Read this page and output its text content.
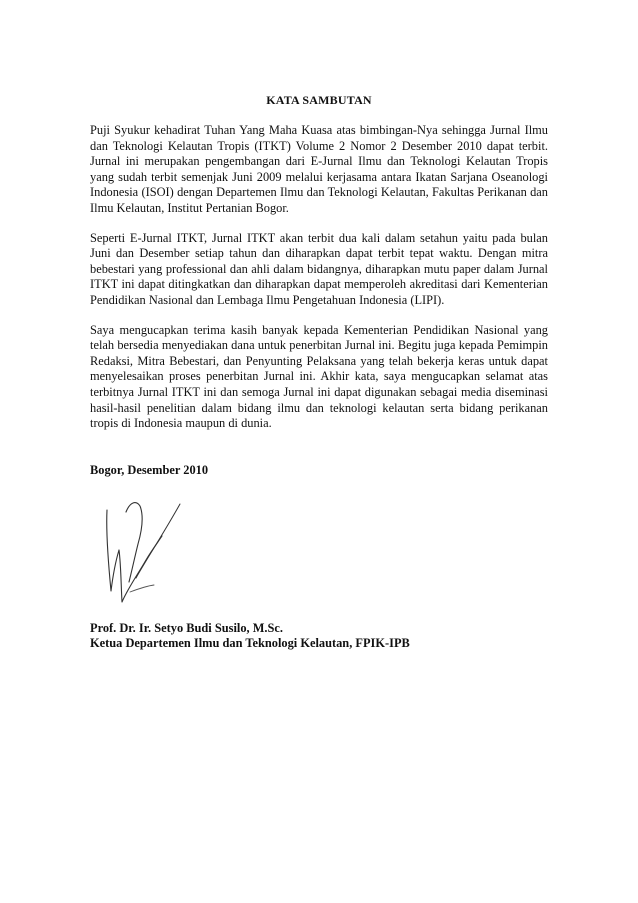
KATA SAMBUTAN

Puji Syukur kehadirat Tuhan Yang Maha Kuasa atas bimbingan-Nya sehingga Jurnal Ilmu dan Teknologi Kelautan Tropis (ITKT) Volume 2 Nomor 2 Desember 2010 dapat terbit. Jurnal ini merupakan pengembangan dari E-Jurnal Ilmu dan Teknologi Kelautan Tropis yang sudah terbit semenjak Juni 2009 melalui kerjasama antara Ikatan Sarjana Oseanologi Indonesia (ISOI) dengan Departemen Ilmu dan Teknologi Kelautan, Fakultas Perikanan dan Ilmu Kelautan, Institut Pertanian Bogor.

Seperti E-Jurnal ITKT, Jurnal ITKT akan terbit dua kali dalam setahun yaitu pada bulan Juni dan Desember setiap tahun dan diharapkan dapat terbit tepat waktu. Dengan mitra bebestari yang professional dan ahli dalam bidangnya, diharapkan mutu paper dalam Jurnal ITKT ini dapat ditingkatkan dan diharapkan dapat memperoleh akreditasi dari Kementerian Pendidikan Nasional dan Lembaga Ilmu Pengetahuan Indonesia (LIPI).

Saya mengucapkan terima kasih banyak kepada Kementerian Pendidikan Nasional yang telah bersedia menyediakan dana untuk penerbitan Jurnal ini. Begitu juga kepada Pemimpin Redaksi, Mitra Bebestari, dan Penyunting Pelaksana yang telah bekerja keras untuk dapat menyelesaikan proses penerbitan Jurnal ini. Akhir kata, saya mengucapkan selamat atas terbitnya Jurnal ITKT ini dan semoga Jurnal ini dapat digunakan sebagai media diseminasi hasil-hasil penelitian dalam bidang ilmu dan teknologi kelautan serta bidang perikanan tropis di Indonesia maupun di dunia.

Bogor, Desember 2010
Prof. Dr. Ir. Setyo Budi Susilo, M.Sc.
Ketua Departemen Ilmu dan Teknologi Kelautan, FPIK-IPB
